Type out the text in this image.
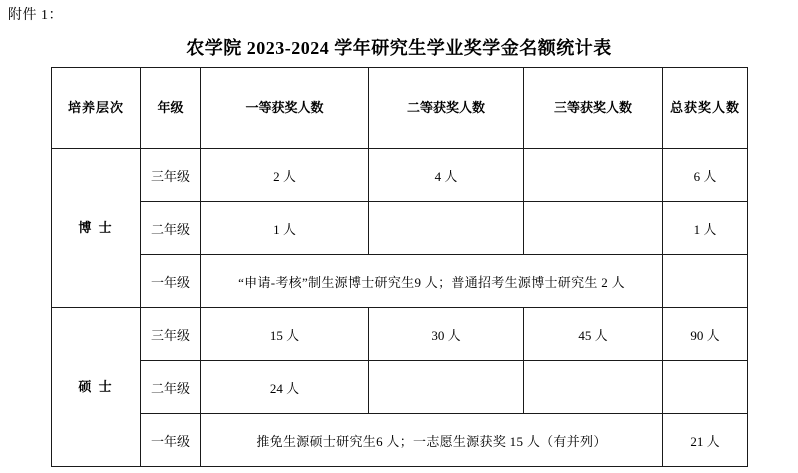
附件 1：
农学院 2023-2024 学年研究生学业奖学金名额统计表
培养层次	年级	一等获奖人数	二等获奖人数	三等获奖人数	总获奖人数
博 士	三年级	2 人	4 人		6 人
	二年级	1 人			1 人
	一年级	“申请-考核”制生源博士研究生9 人；普通招考生源博士研究生 2 人			
硕 士	三年级	15 人	30 人	45 人	90 人
	二年级	24 人			
	一年级	推免生源硕士研究生6 人；一志愿生源获奖 15 人（有并列）			21 人
